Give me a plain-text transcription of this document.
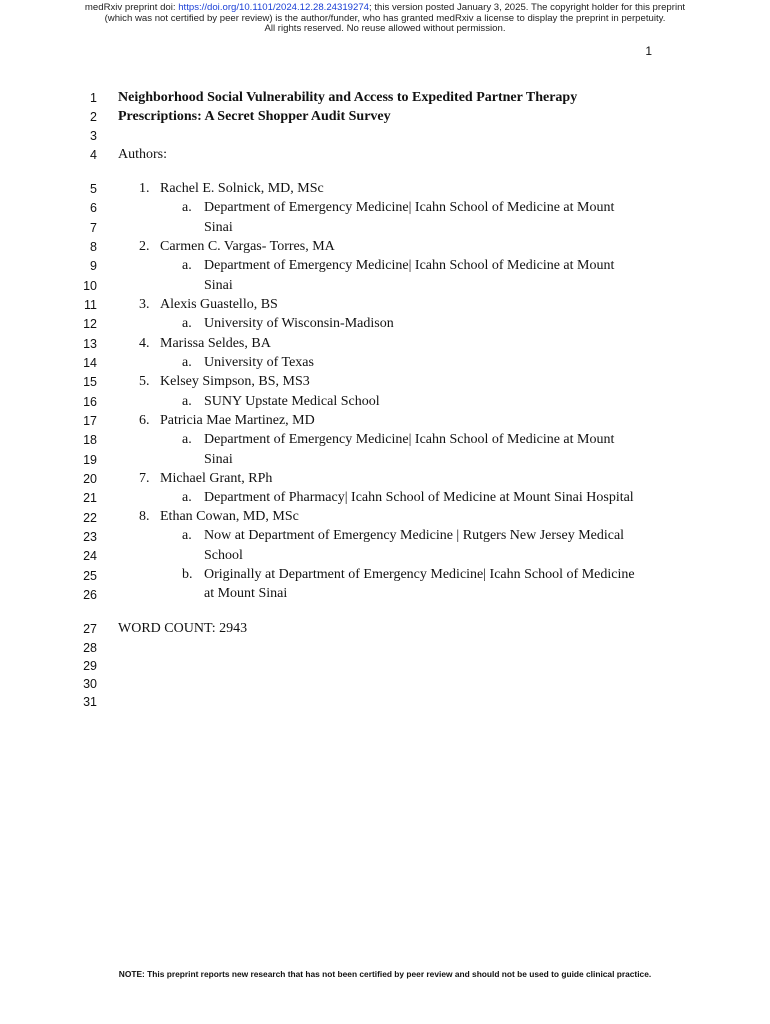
medRxiv preprint doi: https://doi.org/10.1101/2024.12.28.24319274; this version posted January 3, 2025. The copyright holder for this preprint
(which was not certified by peer review) is the author/funder, who has granted medRxiv a license to display the preprint in perpetuity.
All rights reserved. No reuse allowed without permission.
1
1
2
3
4
5
6
7
8
9
10
11
12
13
14
15
16
17
18
19
20
21
22
23
24
25
26
27
28
29
30
31
Neighborhood Social Vulnerability and Access to Expedited Partner Therapy
Prescriptions: A Secret Shopper Audit Survey
Authors:
1. Rachel E. Solnick, MD, MSc
a. Department of Emergency Medicine| Icahn School of Medicine at Mount
Sinai
2. Carmen C. Vargas- Torres, MA
a. Department of Emergency Medicine| Icahn School of Medicine at Mount
Sinai
3. Alexis Guastello, BS
a. University of Wisconsin-Madison
4. Marissa Seldes, BA
a. University of Texas
5. Kelsey Simpson, BS, MS3
a. SUNY Upstate Medical School
6. Patricia Mae Martinez, MD
a. Department of Emergency Medicine| Icahn School of Medicine at Mount
Sinai
7. Michael Grant, RPh
a. Department of Pharmacy| Icahn School of Medicine at Mount Sinai Hospital
8. Ethan Cowan, MD, MSc
a. Now at Department of Emergency Medicine | Rutgers New Jersey Medical
School
b. Originally at Department of Emergency Medicine| Icahn School of Medicine
at Mount Sinai
WORD COUNT: 2943
NOTE: This preprint reports new research that has not been certified by peer review and should not be used to guide clinical practice.
